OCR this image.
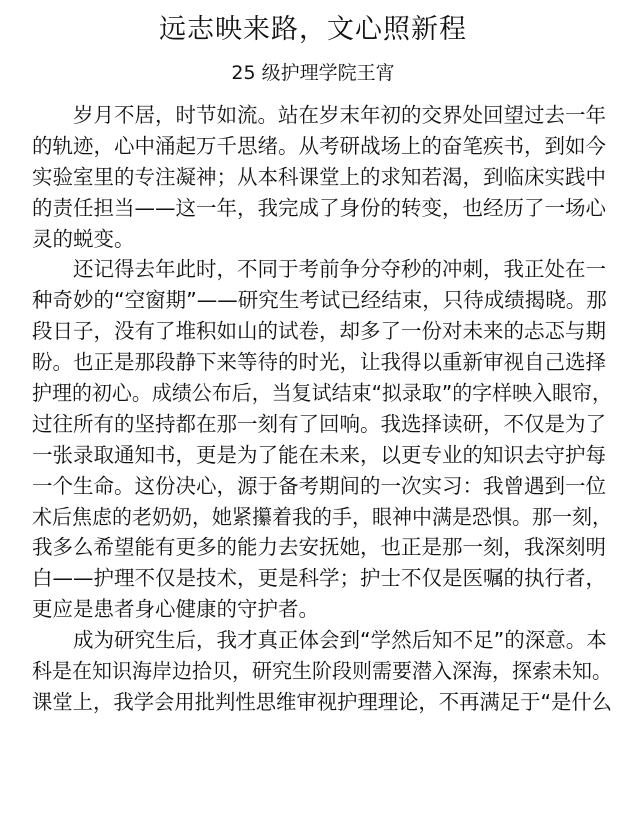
远志映来路，文心照新程
25 级护理学院王宵
岁月不居，时节如流。站在岁末年初的交界处回望过去一年
的轨迹，心中涌起万千思绪。从考研战场上的奋笔疾书，到如今
实验室里的专注凝神；从本科课堂上的求知若渴，到临床实践中
的责任担当——这一年，我完成了身份的转变，也经历了一场心
灵的蜕变。
还记得去年此时，不同于考前争分夺秒的冲刺，我正处在一
种奇妙的“空窗期”——研究生考试已经结束，只待成绩揭晓。那
段日子，没有了堆积如山的试卷，却多了一份对未来的忐忑与期
盼。也正是那段静下来等待的时光，让我得以重新审视自己选择
护理的初心。成绩公布后，当复试结束“拟录取”的字样映入眼帘，
过往所有的坚持都在那一刻有了回响。我选择读研，不仅是为了
一张录取通知书，更是为了能在未来，以更专业的知识去守护每
一个生命。这份决心，源于备考期间的一次实习：我曾遇到一位
术后焦虑的老奶奶，她紧攥着我的手，眼神中满是恐惧。那一刻，
我多么希望能有更多的能力去安抚她，也正是那一刻，我深刻明
白——护理不仅是技术，更是科学；护士不仅是医嘱的执行者，
更应是患者身心健康的守护者。
成为研究生后，我才真正体会到“学然后知不足”的深意。本
科是在知识海岸边拾贝，研究生阶段则需要潜入深海，探索未知。
课堂上，我学会用批判性思维审视护理理论，不再满足于“是什么
